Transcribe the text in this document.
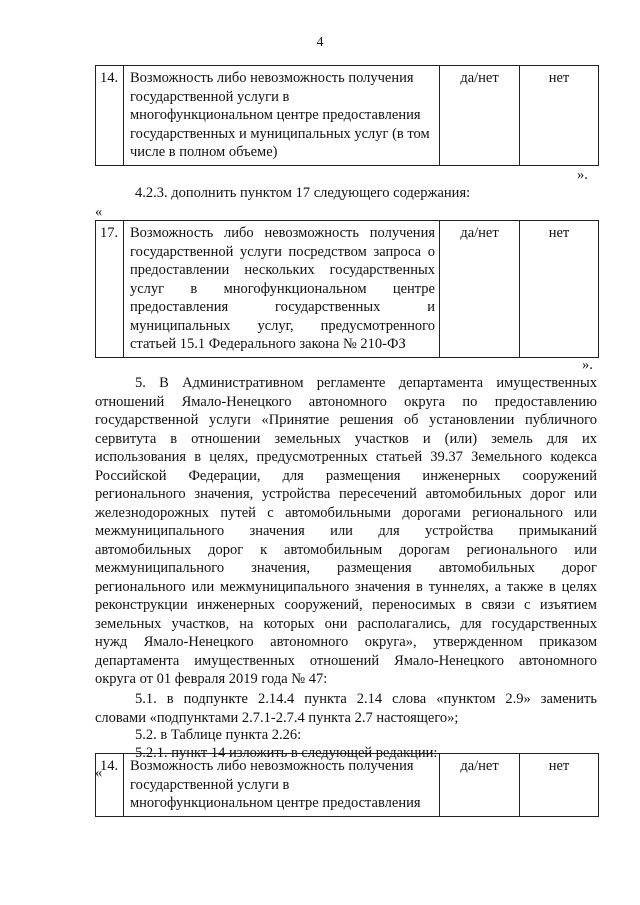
4
14.	Возможность либо невозможность получения
государственной услуги в
многофункциональном центре предоставления
государственных и муниципальных услуг (в том
числе в полном объеме)
	да/нет	нет
».
4.2.3. дополнить пунктом 17 следующего содержания:
«
17.	Возможность либо невозможность получения
государственной услуги посредством запроса о
предоставлении нескольких государственных
услуг в многофункциональном центре
предоставления государственных и
муниципальных услуг, предусмотренного
статьей 15.1 Федерального закона № 210-ФЗ
	да/нет	нет
».
5. В Административном регламенте департамента имущественных
отношений Ямало-Ненецкого автономного округа по предоставлению
государственной услуги «Принятие решения об установлении публичного
сервитута в отношении земельных участков и (или) земель для их
использования в целях, предусмотренных статьей 39.37 Земельного кодекса
Российской Федерации, для размещения инженерных сооружений
регионального значения, устройства пересечений автомобильных дорог или
железнодорожных путей с автомобильными дорогами регионального или
межмуниципального значения или для устройства примыканий
автомобильных дорог к автомобильным дорогам регионального или
межмуниципального значения, размещения автомобильных дорог
регионального или межмуниципального значения в туннелях, а также в целях
реконструкции инженерных сооружений, переносимых в связи с изъятием
земельных участков, на которых они располагались, для государственных
нужд Ямало-Ненецкого автономного округа», утвержденном приказом
департамента имущественных отношений Ямало-Ненецкого автономного
округа от 01 февраля 2019 года № 47:
5.1. в подпункте 2.14.4 пункта 2.14 слова «пунктом 2.9» заменить
словами «подпунктами 2.7.1-2.7.4 пункта 2.7 настоящего»;
5.2. в Таблице пункта 2.26:
5.2.1. пункт 14 изложить в следующей редакции:
«
14.	Возможность либо невозможность получения
государственной услуги в
многофункциональном центре предоставления
	да/нет	нет
